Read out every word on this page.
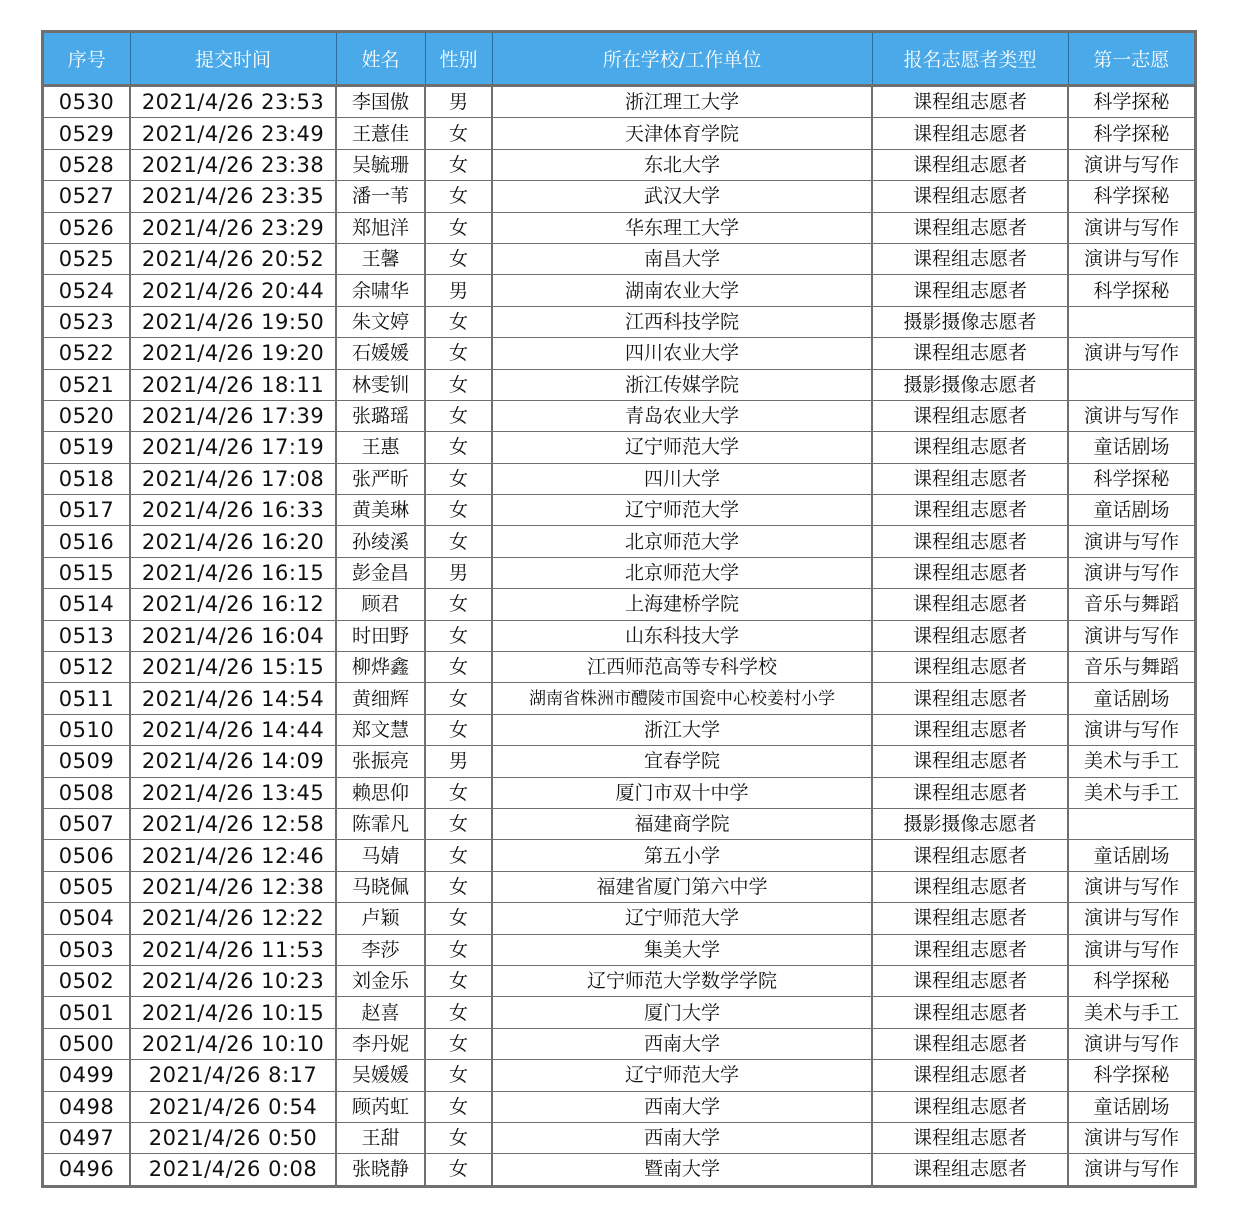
序号	提交时间	姓名	性别	所在学校/工作单位	报名志愿者类型	第一志愿
0530	2021/4/26 23:53	李国傲	男	浙江理工大学	课程组志愿者	科学探秘
0529	2021/4/26 23:49	王薏佳	女	天津体育学院	课程组志愿者	科学探秘
0528	2021/4/26 23:38	吴毓珊	女	东北大学	课程组志愿者	演讲与写作
0527	2021/4/26 23:35	潘一苇	女	武汉大学	课程组志愿者	科学探秘
0526	2021/4/26 23:29	郑旭洋	女	华东理工大学	课程组志愿者	演讲与写作
0525	2021/4/26 20:52	王馨	女	南昌大学	课程组志愿者	演讲与写作
0524	2021/4/26 20:44	余啸华	男	湖南农业大学	课程组志愿者	科学探秘
0523	2021/4/26 19:50	朱文婷	女	江西科技学院	摄影摄像志愿者	
0522	2021/4/26 19:20	石媛媛	女	四川农业大学	课程组志愿者	演讲与写作
0521	2021/4/26 18:11	林雯钏	女	浙江传媒学院	摄影摄像志愿者	
0520	2021/4/26 17:39	张璐瑶	女	青岛农业大学	课程组志愿者	演讲与写作
0519	2021/4/26 17:19	王惠	女	辽宁师范大学	课程组志愿者	童话剧场
0518	2021/4/26 17:08	张严昕	女	四川大学	课程组志愿者	科学探秘
0517	2021/4/26 16:33	黄美琳	女	辽宁师范大学	课程组志愿者	童话剧场
0516	2021/4/26 16:20	孙绫溪	女	北京师范大学	课程组志愿者	演讲与写作
0515	2021/4/26 16:15	彭金昌	男	北京师范大学	课程组志愿者	演讲与写作
0514	2021/4/26 16:12	顾君	女	上海建桥学院	课程组志愿者	音乐与舞蹈
0513	2021/4/26 16:04	时田野	女	山东科技大学	课程组志愿者	演讲与写作
0512	2021/4/26 15:15	柳烨鑫	女	江西师范高等专科学校	课程组志愿者	音乐与舞蹈
0511	2021/4/26 14:54	黄细辉	女	湖南省株洲市醴陵市国瓷中心校姜村小学	课程组志愿者	童话剧场
0510	2021/4/26 14:44	郑文慧	女	浙江大学	课程组志愿者	演讲与写作
0509	2021/4/26 14:09	张振亮	男	宜春学院	课程组志愿者	美术与手工
0508	2021/4/26 13:45	赖思仰	女	厦门市双十中学	课程组志愿者	美术与手工
0507	2021/4/26 12:58	陈霏凡	女	福建商学院	摄影摄像志愿者	
0506	2021/4/26 12:46	马婧	女	第五小学	课程组志愿者	童话剧场
0505	2021/4/26 12:38	马晓佩	女	福建省厦门第六中学	课程组志愿者	演讲与写作
0504	2021/4/26 12:22	卢颖	女	辽宁师范大学	课程组志愿者	演讲与写作
0503	2021/4/26 11:53	李莎	女	集美大学	课程组志愿者	演讲与写作
0502	2021/4/26 10:23	刘金乐	女	辽宁师范大学数学学院	课程组志愿者	科学探秘
0501	2021/4/26 10:15	赵喜	女	厦门大学	课程组志愿者	美术与手工
0500	2021/4/26 10:10	李丹妮	女	西南大学	课程组志愿者	演讲与写作
0499	2021/4/26 8:17	吴媛媛	女	辽宁师范大学	课程组志愿者	科学探秘
0498	2021/4/26 0:54	顾芮虹	女	西南大学	课程组志愿者	童话剧场
0497	2021/4/26 0:50	王甜	女	西南大学	课程组志愿者	演讲与写作
0496	2021/4/26 0:08	张晓静	女	暨南大学	课程组志愿者	演讲与写作
